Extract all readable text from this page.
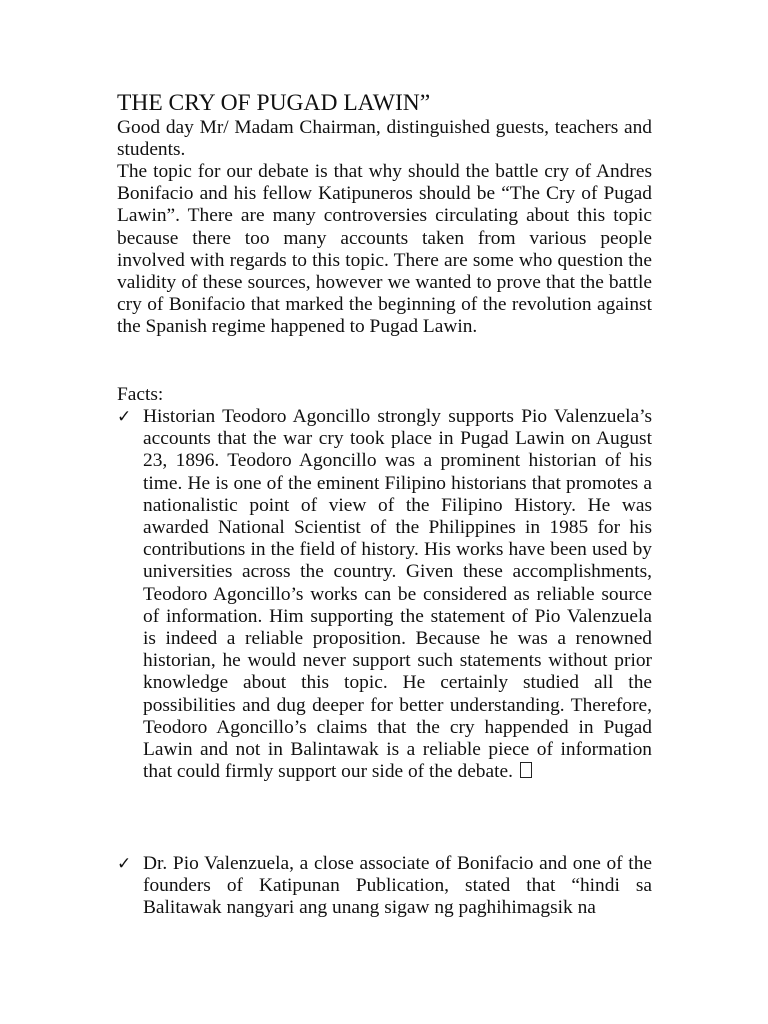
THE CRY OF PUGAD LAWIN”

Good day Mr/ Madam Chairman, distinguished guests, teachers and students.

The topic for our debate is that why should the battle cry of Andres Bonifacio and his fellow Katipuneros should be “The Cry of Pugad Lawin”. There are many controversies circulating about this topic because there too many accounts taken from various people involved with regards to this topic. There are some who question the validity of these sources, however we wanted to prove that the battle cry of Bonifacio that marked the beginning of the revolution against the Spanish regime happened to Pugad Lawin.

Facts:

✓ Historian Teodoro Agoncillo strongly supports Pio Valenzuela’s accounts that the war cry took place in Pugad Lawin on August 23, 1896. Teodoro Agoncillo was a prominent historian of his time. He is one of the eminent Filipino historians that promotes a nationalistic point of view of the Filipino History. He was awarded National Scientist of the Philippines in 1985 for his contributions in the field of history. His works have been used by universities across the country. Given these accomplishments, Teodoro Agoncillo’s works can be considered as reliable source of information. Him supporting the statement of Pio Valenzuela is indeed a reliable proposition. Because he was a renowned historian, he would never support such statements without prior knowledge about this topic. He certainly studied all the possibilities and dug deeper for better understanding. Therefore, Teodoro Agoncillo’s claims that the cry happended in Pugad Lawin and not in Balintawak is a reliable piece of information that could firmly support our side of the debate.

✓ Dr. Pio Valenzuela, a close associate of Bonifacio and one of the founders of Katipunan Publication, stated that “hindi sa Balitawak nangyari ang unang sigaw ng paghihimagsik na
